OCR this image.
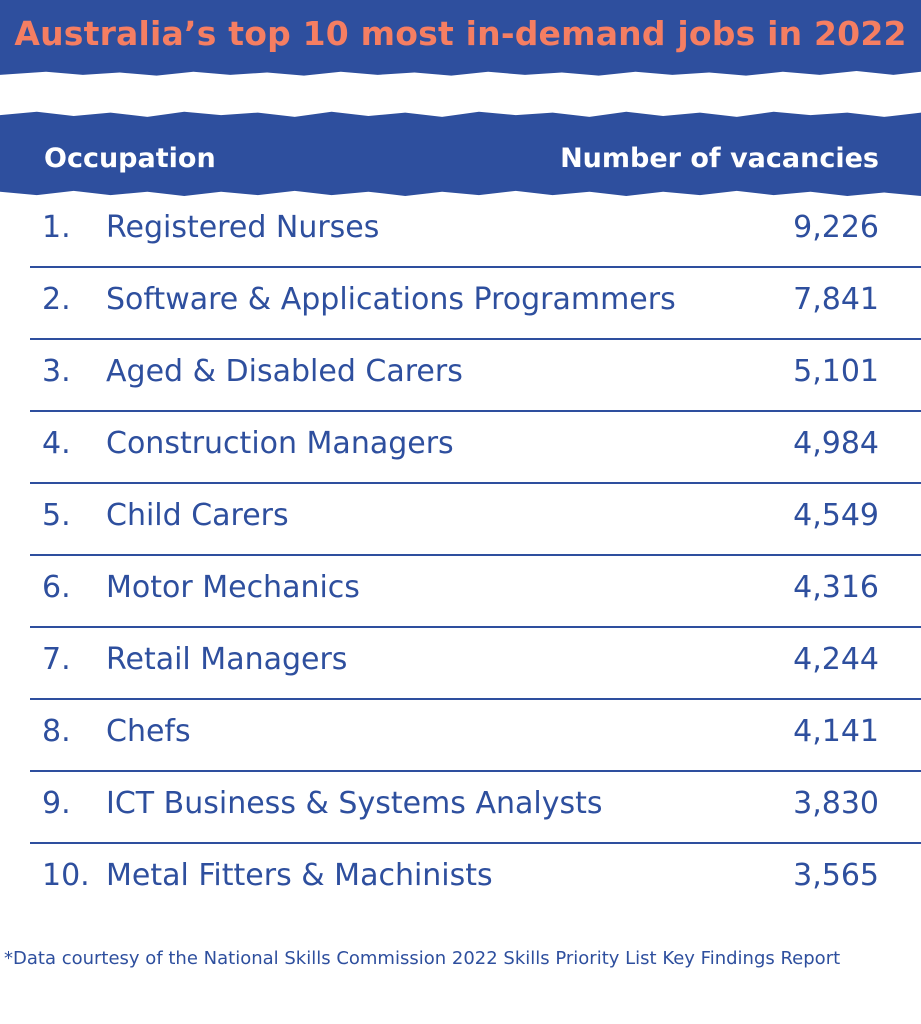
Australia’s top 10 most in-demand jobs in 2022
Occupation	Number of vacancies
1. Registered Nurses	9,226
2. Software & Applications Programmers	7,841
3. Aged & Disabled Carers	5,101
4. Construction Managers	4,984
5. Child Carers	4,549
6. Motor Mechanics	4,316
7. Retail Managers	4,244
8. Chefs	4,141
9. ICT Business & Systems Analysts	3,830
10. Metal Fitters & Machinists	3,565
*Data courtesy of the National Skills Commission 2022 Skills Priority List Key Findings Report
